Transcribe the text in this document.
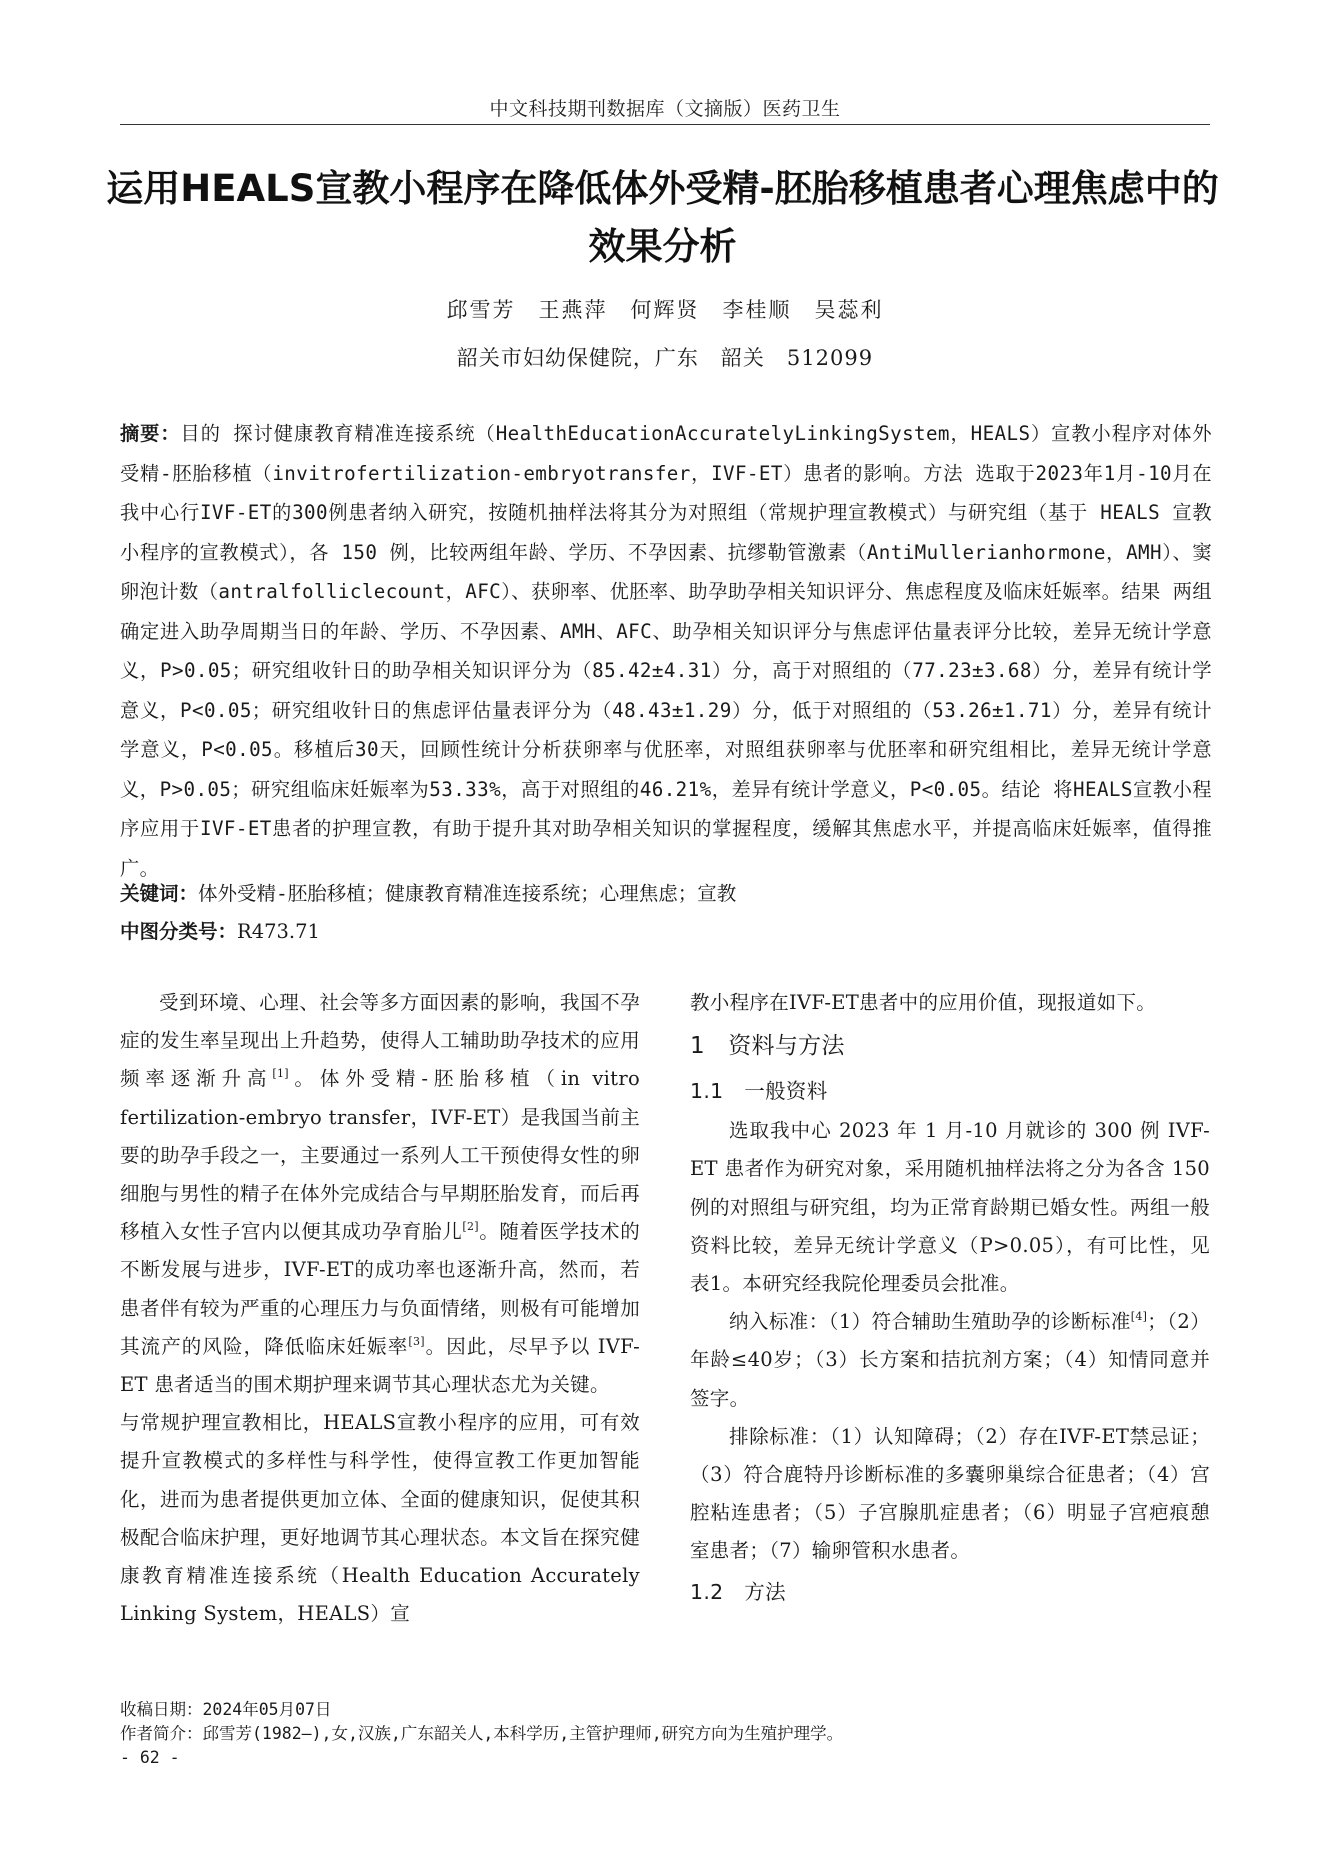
中文科技期刊数据库（文摘版）医药卫生
运用HEALS宣教小程序在降低体外受精-胚胎移植患者心理焦虑中的效果分析
邱雪芳　王燕萍　何辉贤　李桂顺　吴蕊利
韶关市妇幼保健院，广东　韶关　512099
摘要：目的 探讨健康教育精准连接系统（HealthEducationAccuratelyLinkingSystem，HEALS）宣教小程序对体外受精-胚胎移植（invitrofertilization-embryotransfer，IVF-ET）患者的影响。方法 选取于2023年1月-10月在我中心行IVF-ET的300例患者纳入研究，按随机抽样法将其分为对照组（常规护理宣教模式）与研究组（基于 HEALS 宣教小程序的宣教模式），各 150 例，比较两组年龄、学历、不孕因素、抗缪勒管激素（AntiMullerianhormone，AMH）、窦卵泡计数（antralfolliclecount，AFC）、获卵率、优胚率、助孕助孕相关知识评分、焦虑程度及临床妊娠率。结果 两组确定进入助孕周期当日的年龄、学历、不孕因素、AMH、AFC、助孕相关知识评分与焦虑评估量表评分比较，差异无统计学意义，P>0.05；研究组收针日的助孕相关知识评分为（85.42±4.31）分，高于对照组的（77.23±3.68）分，差异有统计学意义，P<0.05；研究组收针日的焦虑评估量表评分为（48.43±1.29）分，低于对照组的（53.26±1.71）分，差异有统计学意义，P<0.05。移植后30天，回顾性统计分析获卵率与优胚率，对照组获卵率与优胚率和研究组相比，差异无统计学意义，P>0.05；研究组临床妊娠率为53.33%，高于对照组的46.21%，差异有统计学意义，P<0.05。结论 将HEALS宣教小程序应用于IVF-ET患者的护理宣教，有助于提升其对助孕相关知识的掌握程度，缓解其焦虑水平，并提高临床妊娠率，值得推广。
关键词：体外受精-胚胎移植；健康教育精准连接系统；心理焦虑；宣教
中图分类号：R473.71

受到环境、心理、社会等多方面因素的影响，我国不孕症的发生率呈现出上升趋势，使得人工辅助助孕技术的应用频率逐渐升高[1]。体外受精-胚胎移植（in vitro fertilization-embryo transfer，IVF-ET）是我国当前主要的助孕手段之一，主要通过一系列人工干预使得女性的卵细胞与男性的精子在体外完成结合与早期胚胎发育，而后再移植入女性子宫内以便其成功孕育胎儿[2]。随着医学技术的不断发展与进步，IVF-ET的成功率也逐渐升高，然而，若患者伴有较为严重的心理压力与负面情绪，则极有可能增加其流产的风险，降低临床妊娠率[3]。因此，尽早予以 IVF-ET 患者适当的围术期护理来调节其心理状态尤为关键。

与常规护理宣教相比，HEALS宣教小程序的应用，可有效提升宣教模式的多样性与科学性，使得宣教工作更加智能化，进而为患者提供更加立体、全面的健康知识，促使其积极配合临床护理，更好地调节其心理状态。本文旨在探究健康教育精准连接系统（Health Education Accurately Linking System，HEALS）宣

教小程序在IVF-ET患者中的应用价值，现报道如下。

1　资料与方法
1.1　一般资料

选取我中心 2023 年 1 月-10 月就诊的 300 例 IVF-ET 患者作为研究对象，采用随机抽样法将之分为各含 150 例的对照组与研究组，均为正常育龄期已婚女性。两组一般资料比较，差异无统计学意义（P>0.05），有可比性，见表1。本研究经我院伦理委员会批准。

纳入标准：（1）符合辅助生殖助孕的诊断标准[4]；（2）年龄≤40岁；（3）长方案和拮抗剂方案；（4）知情同意并签字。

排除标准：（1）认知障碍；（2）存在IVF-ET禁忌证；（3）符合鹿特丹诊断标准的多囊卵巢综合征患者；（4）宫腔粘连患者；（5）子宫腺肌症患者；（6）明显子宫疤痕憩室患者；（7）输卵管积水患者。

1.2　方法
收稿日期：2024年05月07日
作者简介：邱雪芳(1982—),女,汉族,广东韶关人,本科学历,主管护理师,研究方向为生殖护理学。
- 62 -
